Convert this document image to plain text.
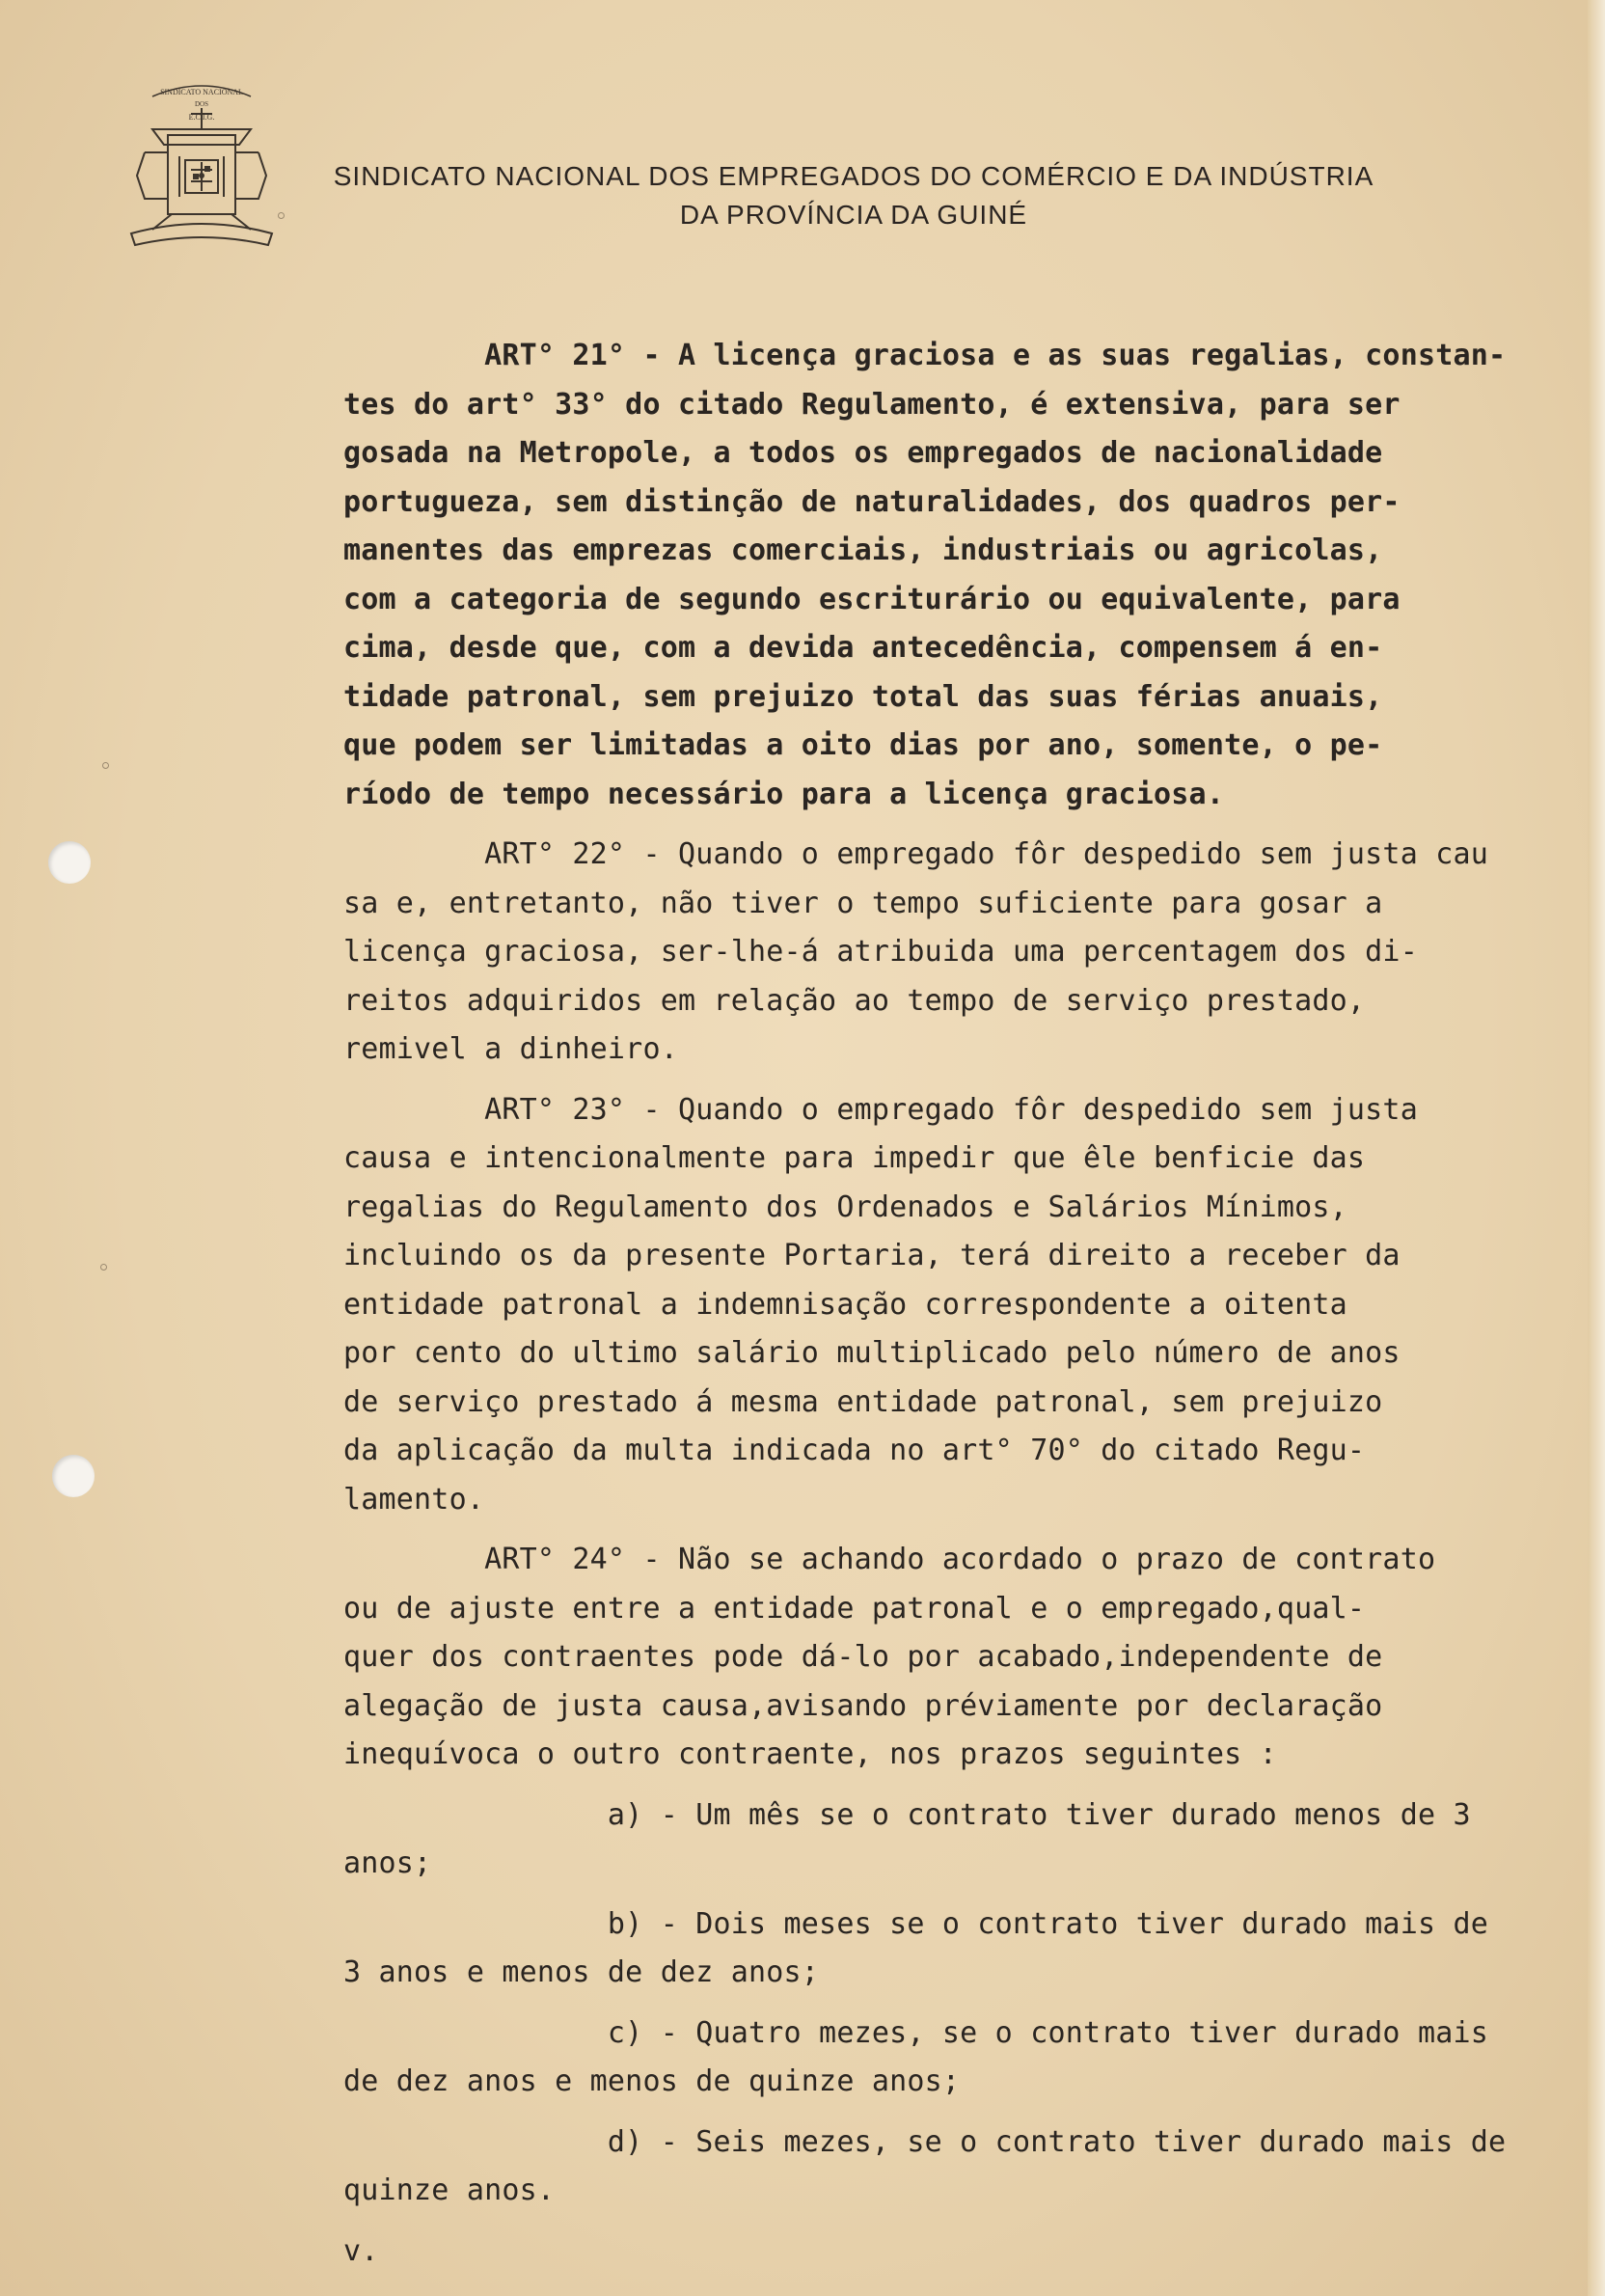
SINDICATO NACIONAL
DOS
E.C.I.G.
SINDICATO NACIONAL DOS EMPREGADOS DO COMÉRCIO E DA INDÚSTRIA
DA PROVÍNCIA DA GUINÉ
ART° 21° - A licença graciosa e as suas regalias, constan-
tes do art° 33° do citado Regulamento, é extensiva, para ser
gosada na Metropole, a todos os empregados de nacionalidade
portugueza, sem distinção de naturalidades, dos quadros per-
manentes das emprezas comerciais, industriais ou agricolas,
com a categoria de segundo escriturário ou equivalente, para
cima, desde que, com a devida antecedência, compensem á en-
tidade patronal, sem prejuizo total das suas férias anuais,
que podem ser limitadas a oito dias por ano, somente, o pe-
ríodo de tempo necessário para a licença graciosa.
ART° 22° - Quando o empregado fôr despedido sem justa cau
sa e, entretanto, não tiver o tempo suficiente para gosar a
licença graciosa, ser-lhe-á atribuida uma percentagem dos di-
reitos adquiridos em relação ao tempo de serviço prestado,
remivel a dinheiro.
ART° 23° - Quando o empregado fôr despedido sem justa
causa e intencionalmente para impedir que êle benficie das
regalias do Regulamento dos Ordenados e Salários Mínimos,
incluindo os da presente Portaria, terá direito a receber da
entidade patronal a indemnisação correspondente a oitenta
por cento do ultimo salário multiplicado pelo número de anos
de serviço prestado á mesma entidade patronal, sem prejuizo
da aplicação da multa indicada no art° 70° do citado Regu-
lamento.
ART° 24° - Não se achando acordado o prazo de contrato
ou de ajuste entre a entidade patronal e o empregado,qual-
quer dos contraentes pode dá-lo por acabado,independente de
alegação de justa causa,avisando préviamente por declaração
inequívoca o outro contraente, nos prazos seguintes :
a) - Um mês se o contrato tiver durado menos de 3
anos;
b) - Dois meses se o contrato tiver durado mais de
3 anos e menos de dez anos;
c) - Quatro mezes, se o contrato tiver durado mais
de dez anos e menos de quinze anos;
d) - Seis mezes, se o contrato tiver durado mais de
quinze anos.
v.
